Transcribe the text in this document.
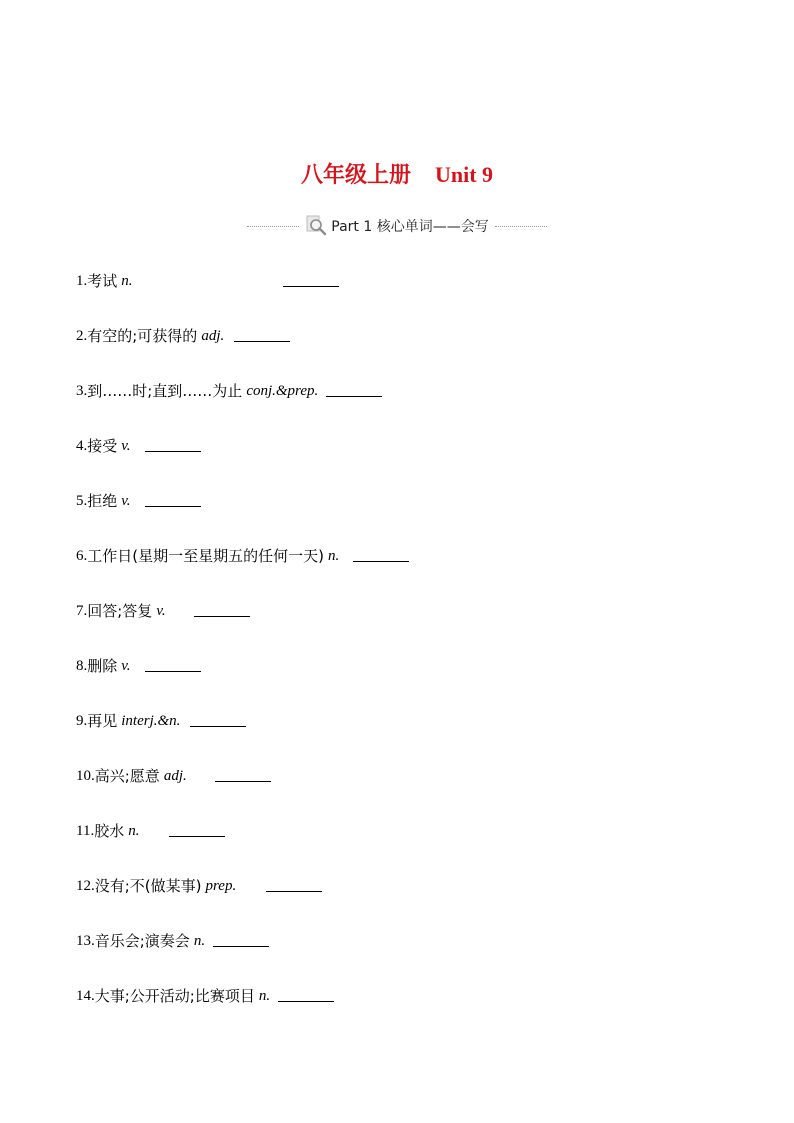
八年级上册 Unit 9
Part 1 核心单词——会写
1. 考试 n.
2. 有空的;可获得的 adj.
3. 到……时;直到……为止 conj.&prep.
4. 接受 v.
5. 拒绝 v.
6. 工作日(星期一至星期五的任何一天) n.
7. 回答;答复 v.
8. 删除 v.
9. 再见 interj.&n.
10. 高兴;愿意 adj.
11. 胶水 n.
12. 没有;不(做某事) prep.
13. 音乐会;演奏会 n.
14. 大事;公开活动;比赛项目 n.
